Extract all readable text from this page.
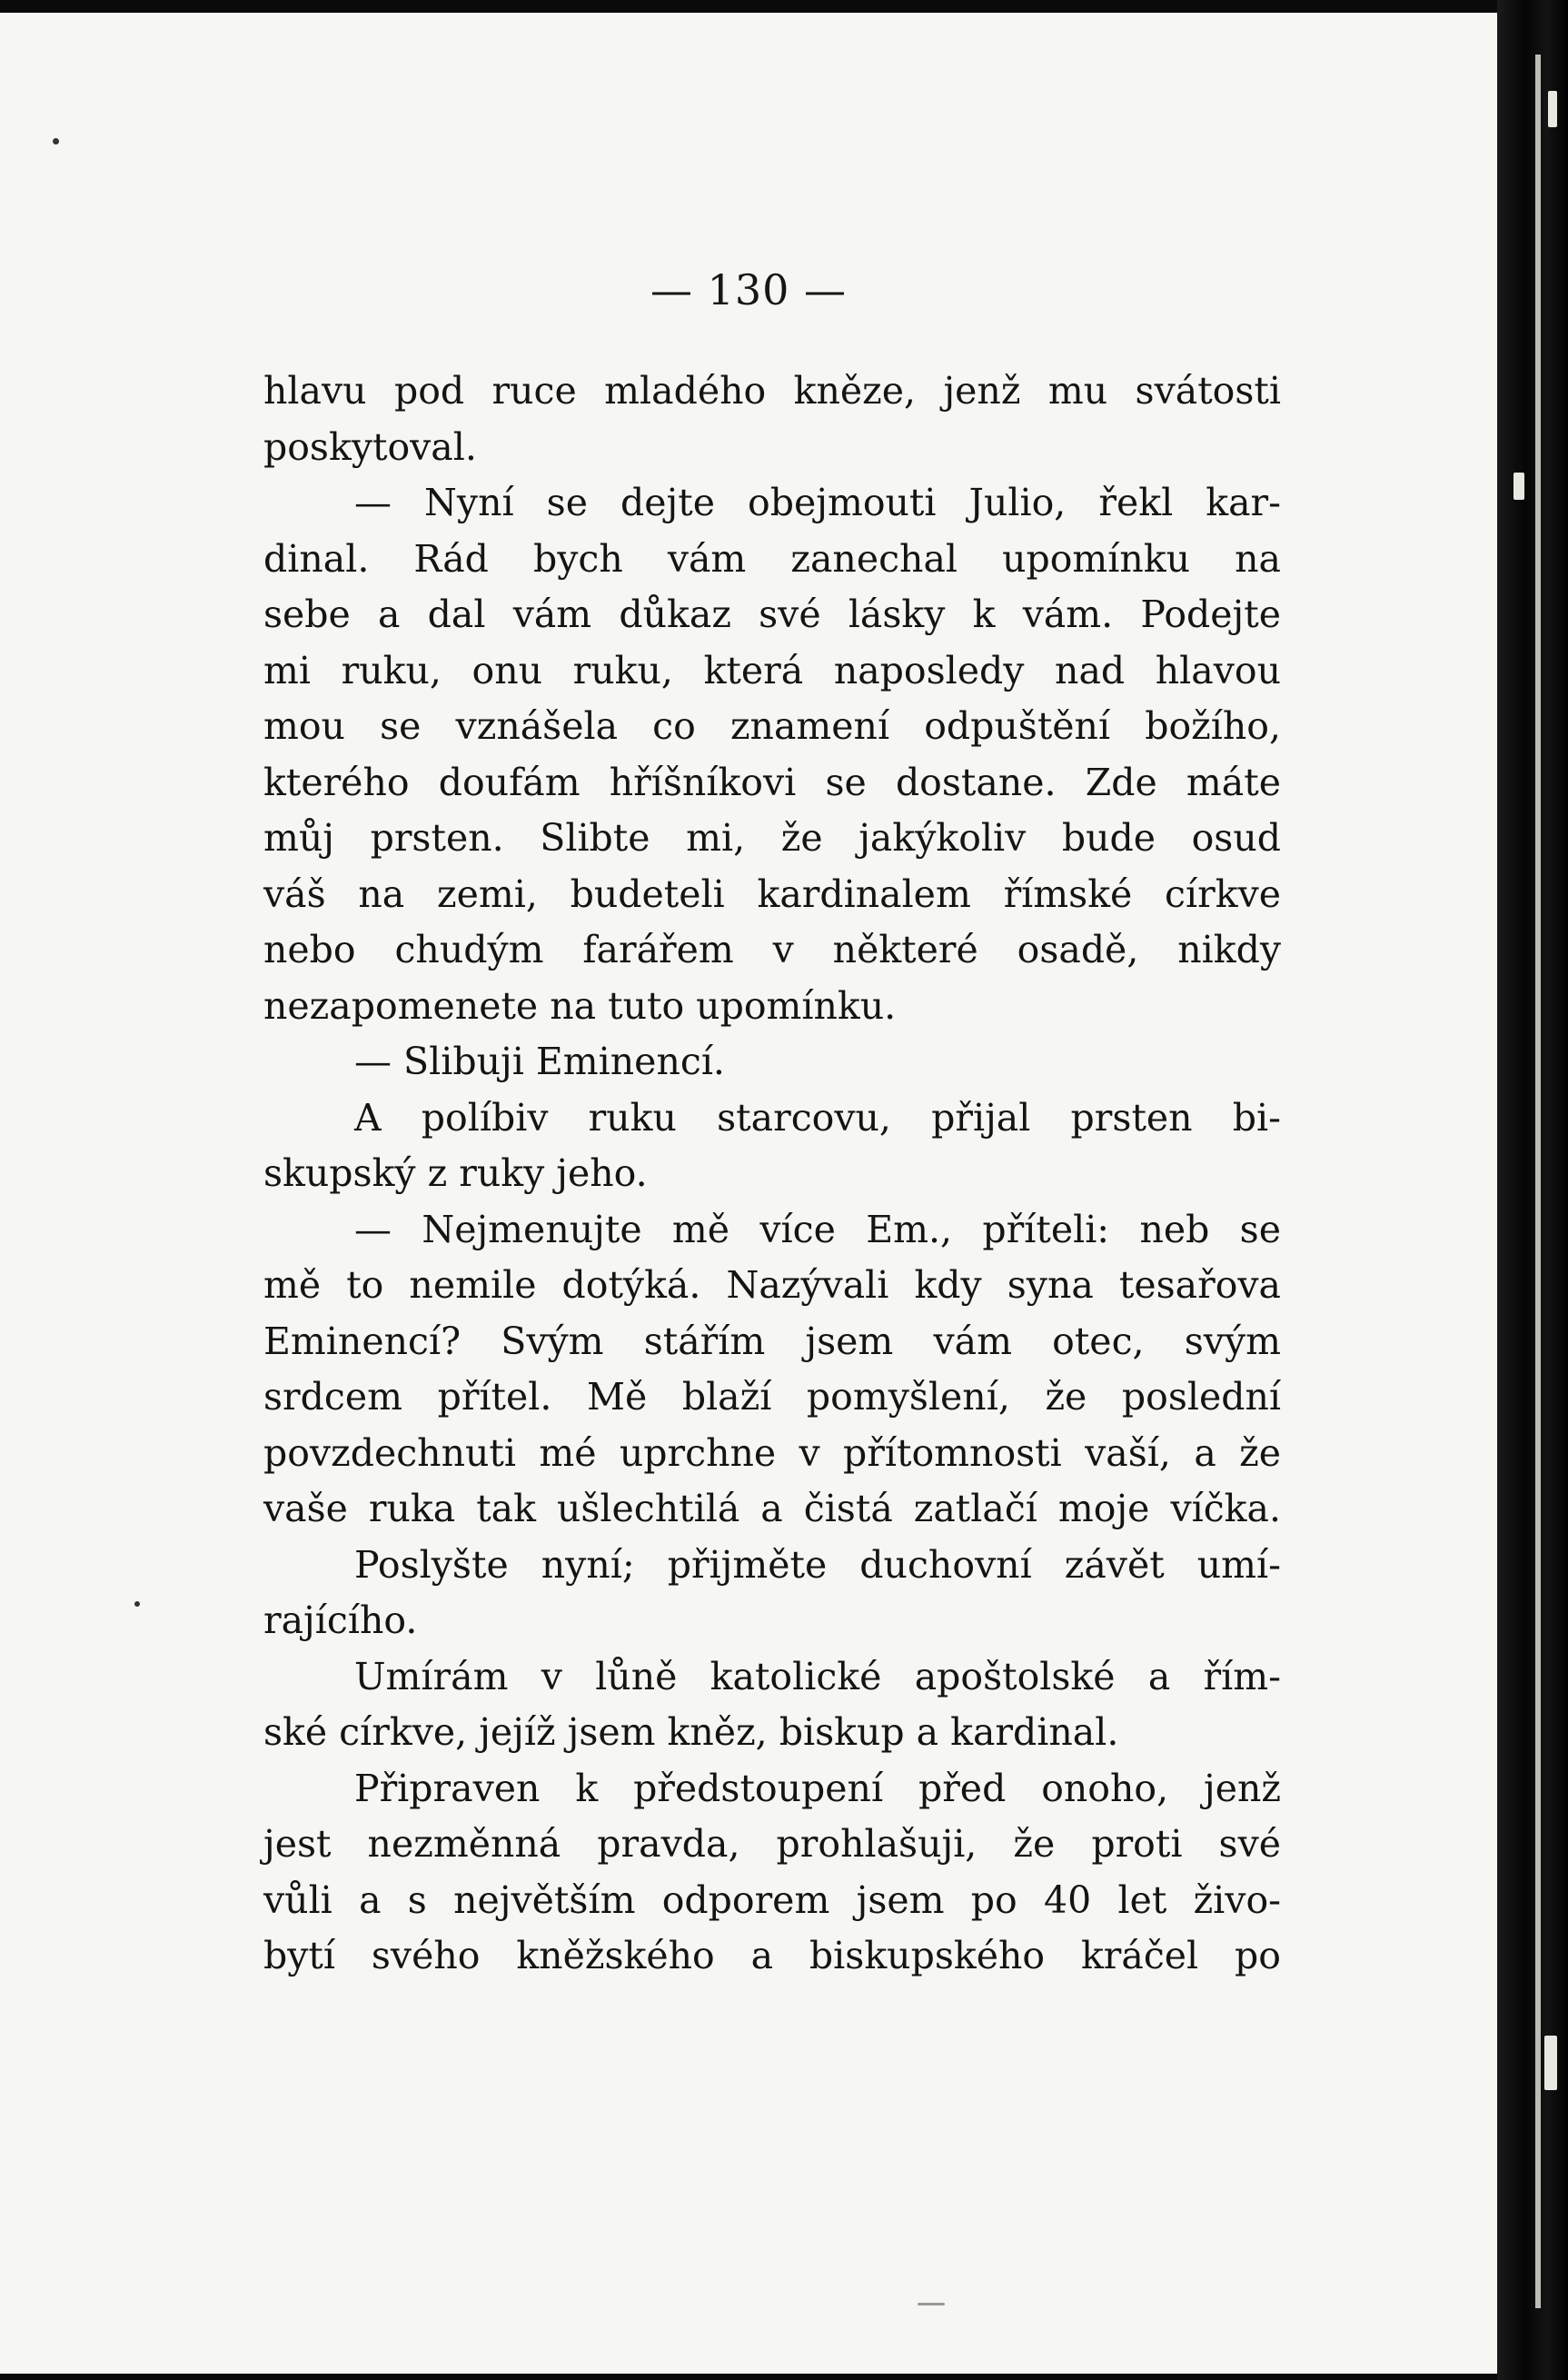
— 130 —
hlavu pod ruce mladého kněze, jenž mu svátosti
poskytoval.
— Nyní se dejte obejmouti Julio, řekl kar-
dinal. Rád bych vám zanechal upomínku na
sebe a dal vám důkaz své lásky k vám. Podejte
mi ruku, onu ruku, která naposledy nad hlavou
mou se vznášela co znamení odpuštění božího,
kterého doufám hříšníkovi se dostane. Zde máte
můj prsten. Slibte mi, že jakýkoliv bude osud
váš na zemi, budeteli kardinalem římské církve
nebo chudým farářem v některé osadě, nikdy
nezapomenete na tuto upomínku.
— Slibuji Eminencí.
A políbiv ruku starcovu, přijal prsten bi-
skupský z ruky jeho.
— Nejmenujte mě více Em., příteli: neb se
mě to nemile dotýká. Nazývali kdy syna tesařova
Eminencí? Svým stářím jsem vám otec, svým
srdcem přítel. Mě blaží pomyšlení, že poslední
povzdechnuti mé uprchne v přítomnosti vaší, a že
vaše ruka tak ušlechtilá a čistá zatlačí moje víčka.
Poslyšte nyní; přijměte duchovní závět umí-
rajícího.
Umírám v lůně katolické apoštolské a řím-
ské církve, jejíž jsem kněz, biskup a kardinal.
Připraven k předstoupení před onoho, jenž
jest nezměnná pravda, prohlašuji, že proti své
vůli a s největším odporem jsem po 40 let živo-
bytí svého kněžského a biskupského kráčel po
